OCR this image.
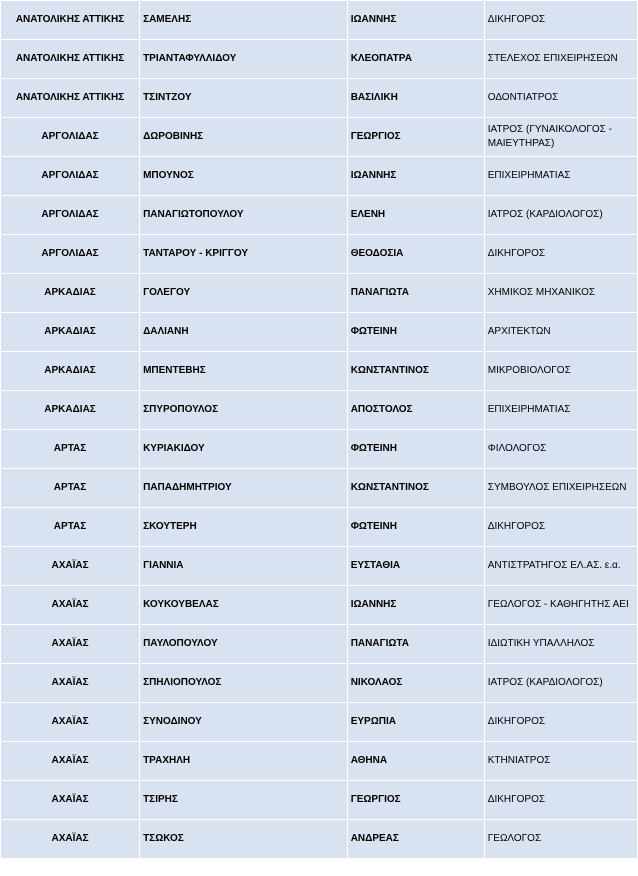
ΑΝΑΤΟΛΙΚΗΣ ΑΤΤΙΚΗΣ	ΣΑΜΕΛΗΣ	ΙΩΑΝΝΗΣ	ΔΙΚΗΓΟΡΟΣ
ΑΝΑΤΟΛΙΚΗΣ ΑΤΤΙΚΗΣ	ΤΡΙΑΝΤΑΦΥΛΛΙΔΟΥ	ΚΛΕΟΠΑΤΡΑ	ΣΤΕΛΕΧΟΣ ΕΠΙΧΕΙΡΗΣΕΩΝ
ΑΝΑΤΟΛΙΚΗΣ ΑΤΤΙΚΗΣ	ΤΣΙΝΤΖΟΥ	ΒΑΣΙΛΙΚΗ	ΟΔΟΝΤΙΑΤΡΟΣ
ΑΡΓΟΛΙΔΑΣ	ΔΩΡΟΒΙΝΗΣ	ΓΕΩΡΓΙΟΣ	ΙΑΤΡΟΣ (ΓΥΝΑΙΚΟΛΟΓΟΣ - ΜΑΙΕΥΤΗΡΑΣ)
ΑΡΓΟΛΙΔΑΣ	ΜΠΟΥΝΟΣ	ΙΩΑΝΝΗΣ	ΕΠΙΧΕΙΡΗΜΑΤΙΑΣ
ΑΡΓΟΛΙΔΑΣ	ΠΑΝΑΓΙΩΤΟΠΟΥΛΟΥ	ΕΛΕΝΗ	ΙΑΤΡΟΣ (ΚΑΡΔΙΟΛΟΓΟΣ)
ΑΡΓΟΛΙΔΑΣ	ΤΑΝΤΑΡΟΥ - ΚΡΙΓΓΟΥ	ΘΕΟΔΟΣΙΑ	ΔΙΚΗΓΟΡΟΣ
ΑΡΚΑΔΙΑΣ	ΓΟΛΕΓΟΥ	ΠΑΝΑΓΙΩΤΑ	ΧΗΜΙΚΟΣ ΜΗΧΑΝΙΚΟΣ
ΑΡΚΑΔΙΑΣ	ΔΑΛΙΑΝΗ	ΦΩΤΕΙΝΗ	ΑΡΧΙΤΕΚΤΩΝ
ΑΡΚΑΔΙΑΣ	ΜΠΕΝΤΕΒΗΣ	ΚΩΝΣΤΑΝΤΙΝΟΣ	ΜΙΚΡΟΒΙΟΛΟΓΟΣ
ΑΡΚΑΔΙΑΣ	ΣΠΥΡΟΠΟΥΛΟΣ	ΑΠΟΣΤΟΛΟΣ	ΕΠΙΧΕΙΡΗΜΑΤΙΑΣ
ΑΡΤΑΣ	ΚΥΡΙΑΚΙΔΟΥ	ΦΩΤΕΙΝΗ	ΦΙΛΟΛΟΓΟΣ
ΑΡΤΑΣ	ΠΑΠΑΔΗΜΗΤΡΙΟΥ	ΚΩΝΣΤΑΝΤΙΝΟΣ	ΣΥΜΒΟΥΛΟΣ ΕΠΙΧΕΙΡΗΣΕΩΝ
ΑΡΤΑΣ	ΣΚΟΥΤΕΡΗ	ΦΩΤΕΙΝΗ	ΔΙΚΗΓΟΡΟΣ
ΑΧΑΪΑΣ	ΓΙΑΝΝΙΑ	ΕΥΣΤΑΘΙΑ	ΑΝΤΙΣΤΡΑΤΗΓΟΣ ΕΛ.ΑΣ. ε.α.
ΑΧΑΪΑΣ	ΚΟΥΚΟΥΒΕΛΑΣ	ΙΩΑΝΝΗΣ	ΓΕΩΛΟΓΟΣ - ΚΑΘΗΓΗΤΗΣ ΑΕΙ
ΑΧΑΪΑΣ	ΠΑΥΛΟΠΟΥΛΟΥ	ΠΑΝΑΓΙΩΤΑ	ΙΔΙΩΤΙΚΗ ΥΠΑΛΛΗΛΟΣ
ΑΧΑΪΑΣ	ΣΠΗΛΙΟΠΟΥΛΟΣ	ΝΙΚΟΛΑΟΣ	ΙΑΤΡΟΣ (ΚΑΡΔΙΟΛΟΓΟΣ)
ΑΧΑΪΑΣ	ΣΥΝΟΔΙΝΟΥ	ΕΥΡΩΠΙΑ	ΔΙΚΗΓΟΡΟΣ
ΑΧΑΪΑΣ	ΤΡΑΧΗΛΗ	ΑΘΗΝΑ	ΚΤΗΝΙΑΤΡΟΣ
ΑΧΑΪΑΣ	ΤΣΙΡΗΣ	ΓΕΩΡΓΙΟΣ	ΔΙΚΗΓΟΡΟΣ
ΑΧΑΪΑΣ	ΤΣΩΚΟΣ	ΑΝΔΡΕΑΣ	ΓΕΩΛΟΓΟΣ
